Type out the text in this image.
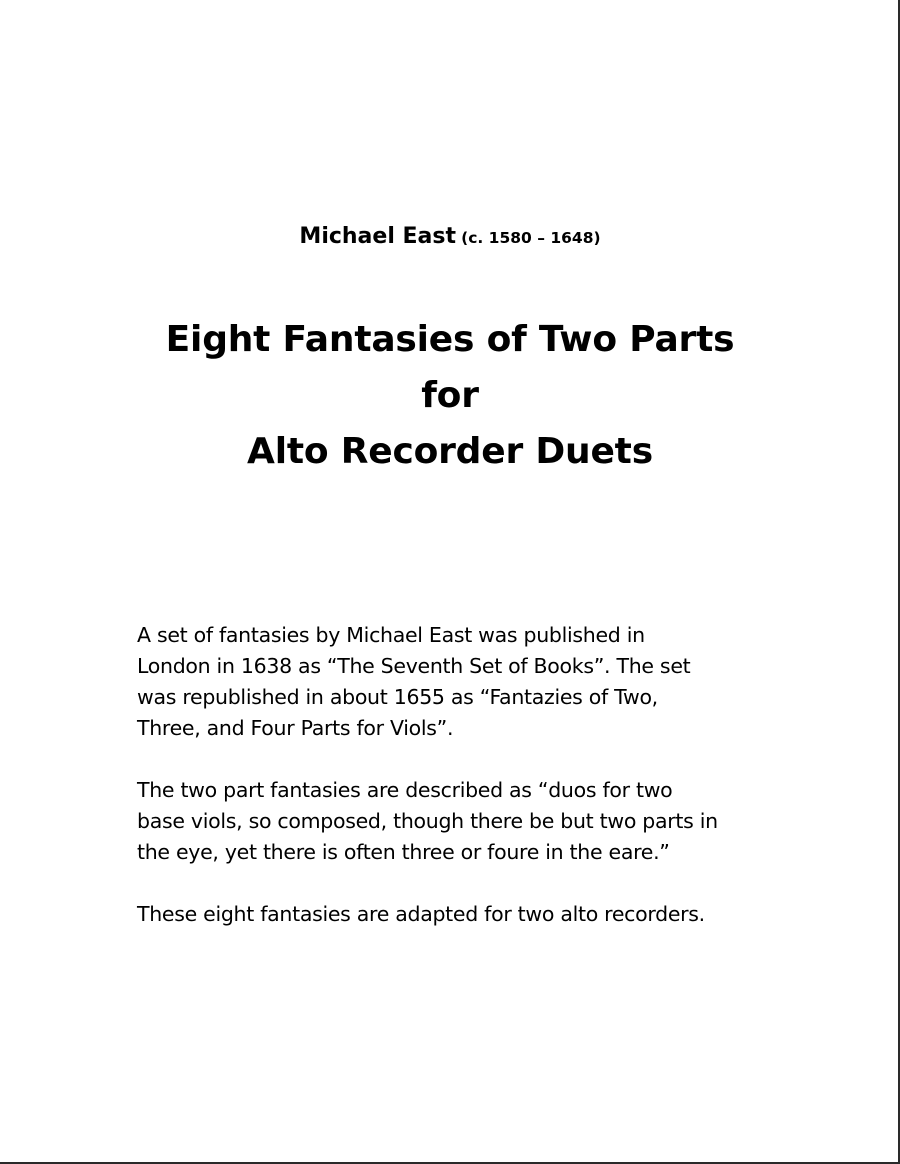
Michael East (c. 1580 – 1648)
Eight Fantasies of Two Parts
for
Alto Recorder Duets

A set of fantasies by Michael East was published in
London in 1638 as “The Seventh Set of Books”. The set
was republished in about 1655 as “Fantazies of Two,
Three, and Four Parts for Viols”.

The two part fantasies are described as “duos for two
base viols, so composed, though there be but two parts in
the eye, yet there is often three or foure in the eare.”

These eight fantasies are adapted for two alto recorders.
